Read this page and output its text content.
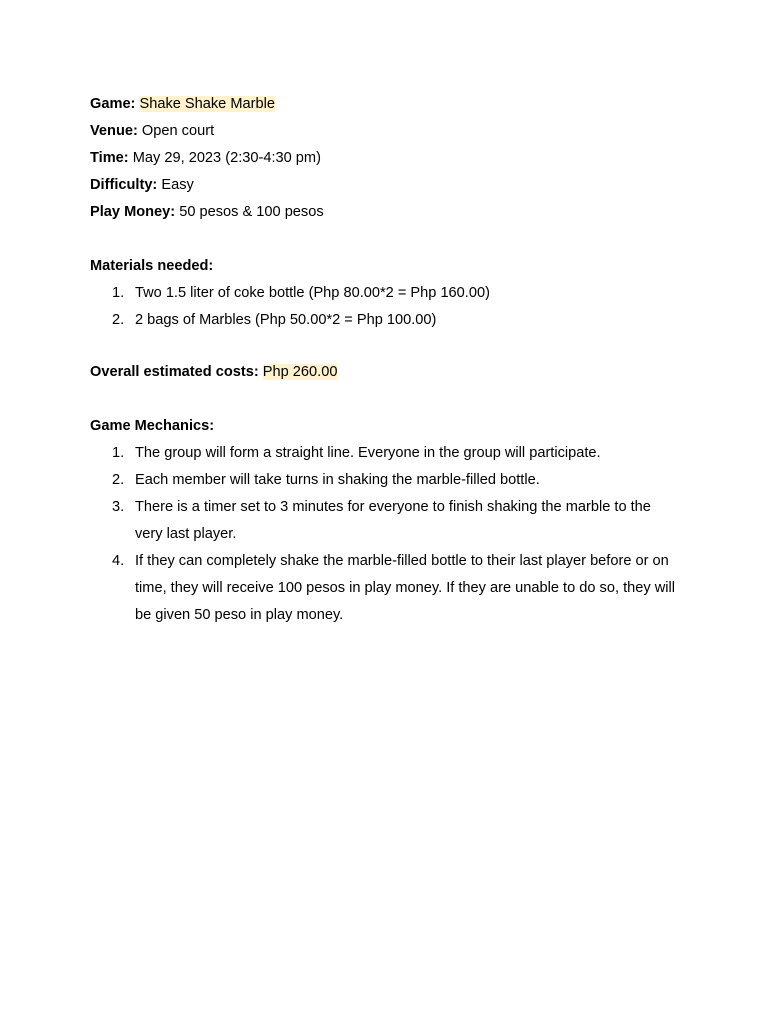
Game: Shake Shake Marble

Venue: Open court

Time: May 29, 2023 (2:30-4:30 pm)

Difficulty: Easy

Play Money: 50 pesos & 100 pesos

Materials needed:

1. Two 1.5 liter of coke bottle (Php 80.00*2 = Php 160.00)
2. 2 bags of Marbles (Php 50.00*2 = Php 100.00)

Overall estimated costs: Php 260.00

Game Mechanics:

1. The group will form a straight line. Everyone in the group will participate.
2. Each member will take turns in shaking the marble-filled bottle.
3. There is a timer set to 3 minutes for everyone to finish shaking the marble to the very last player.
4. If they can completely shake the marble-filled bottle to their last player before or on time, they will receive 100 pesos in play money. If they are unable to do so, they will be given 50 peso in play money.
